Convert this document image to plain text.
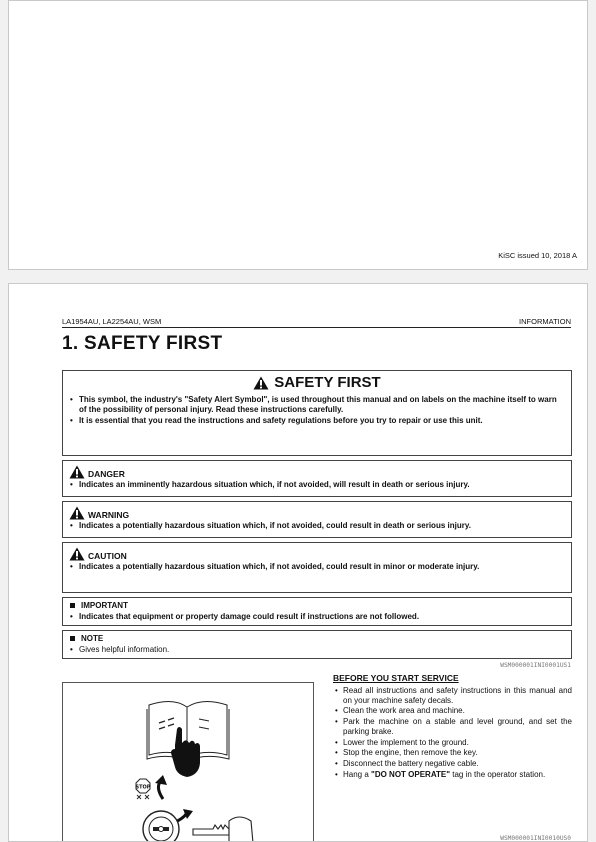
KiSC issued 10, 2018 A
LA1954AU, LA2254AU, WSM	INFORMATION
1. SAFETY FIRST
SAFETY FIRST
• This symbol, the industry's "Safety Alert Symbol", is used throughout this manual and on labels on the machine itself to warn of the possibility of personal injury. Read these instructions carefully.
• It is essential that you read the instructions and safety regulations before you try to repair or use this unit.
DANGER
• Indicates an imminently hazardous situation which, if not avoided, will result in death or serious injury.
WARNING
• Indicates a potentially hazardous situation which, if not avoided, could result in death or serious injury.
CAUTION
• Indicates a potentially hazardous situation which, if not avoided, could result in minor or moderate injury.
IMPORTANT
• Indicates that equipment or property damage could result if instructions are not followed.
NOTE
• Gives helpful information.
WSM000001INI0001US1
STOP
BEFORE YOU START SERVICE
• Read all instructions and safety instructions in this manual and on your machine safety decals.
• Clean the work area and machine.
• Park the machine on a stable and level ground, and set the parking brake.
• Lower the implement to the ground.
• Stop the engine, then remove the key.
• Disconnect the battery negative cable.
• Hang a "DO NOT OPERATE" tag in the operator station.
WSM000001INI0010US0
